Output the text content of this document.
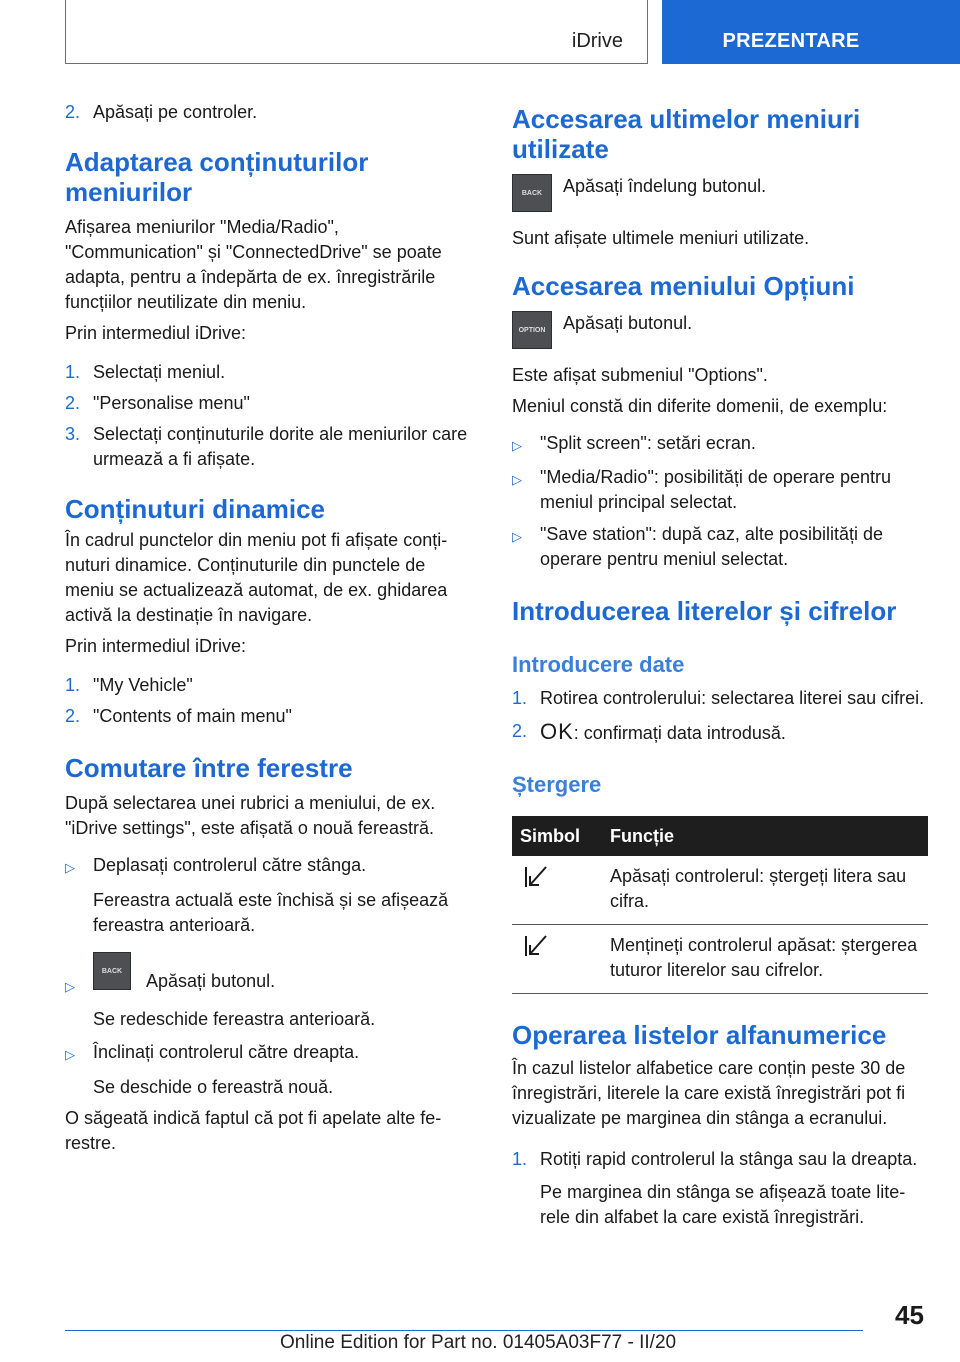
iDrive	PREZENTARE
2. Apăsați pe controler.
Adaptarea conținuturilor meniurilor

Afișarea meniurilor "Media/Radio", "Communication" și "ConnectedDrive" se poate adapta, pentru a îndepărta de ex. înregistrările funcțiilor neutilizate din meniu.

Prin intermediul iDrive:

1. Selectați meniul.
2. "Personalise menu"
3. Selectați conținuturile dorite ale meniurilor care urmează a fi afișate.
Conținuturi dinamice

În cadrul punctelor din meniu pot fi afișate conținuturi dinamice. Conținuturile din punctele de meniu se actualizează automat, de ex. ghidarea activă la destinație în navigare.

Prin intermediul iDrive:

1. "My Vehicle"
2. "Contents of main menu"
Comutare între ferestre

După selectarea unei rubrici a meniului, de ex. "iDrive settings", este afișată o nouă fereastră.

▷	Deplasați controlerul către stânga.

Fereastra actuală este închisă și se afișează fereastra anterioară.

▷
BACK Apăsați butonul.

Se redeschide fereastra anterioară.

▷	Înclinați controlerul către dreapta.

Se deschide o fereastră nouă.

O săgeată indică faptul că pot fi apelate alte ferestre.

Accesarea ultimelor meniuri utilizate
BACK	Apăsați îndelung butonul.

Sunt afișate ultimele meniuri utilizate.

Accesarea meniului Opțiuni
OPTION Apăsați butonul.

Este afișat submeniul "Options".

Meniul constă din diferite domenii, de exemplu:

▷	"Split screen": setări ecran.
▷	"Media/Radio": posibilități de operare pentru meniul principal selectat.
▷	"Save station": după caz, alte posibilități de operare pentru meniul selectat.
Introducerea literelor și cifrelor
Introducere date
1. Rotirea controlerului: selectarea literei sau cifrei.
2. OK: confirmați data introdusă.
Ștergere
Simbol	Funcție
	Apăsați controlerul: ștergeți litera sau cifra.
	Mențineți controlerul apăsat: ștergerea tuturor literelor sau cifrelor.
Operarea listelor alfanumerice

În cazul listelor alfabetice care conțin peste 30 de înregistrări, literele la care există înregistrări pot fi vizualizate pe marginea din stânga a ecranului.

1. Rotiți rapid controlerul la stânga sau la dreapta.

Pe marginea din stânga se afișează toate literele din alfabet la care există înregistrări.

45
Online Edition for Part no. 01405A03F77 - II/20
